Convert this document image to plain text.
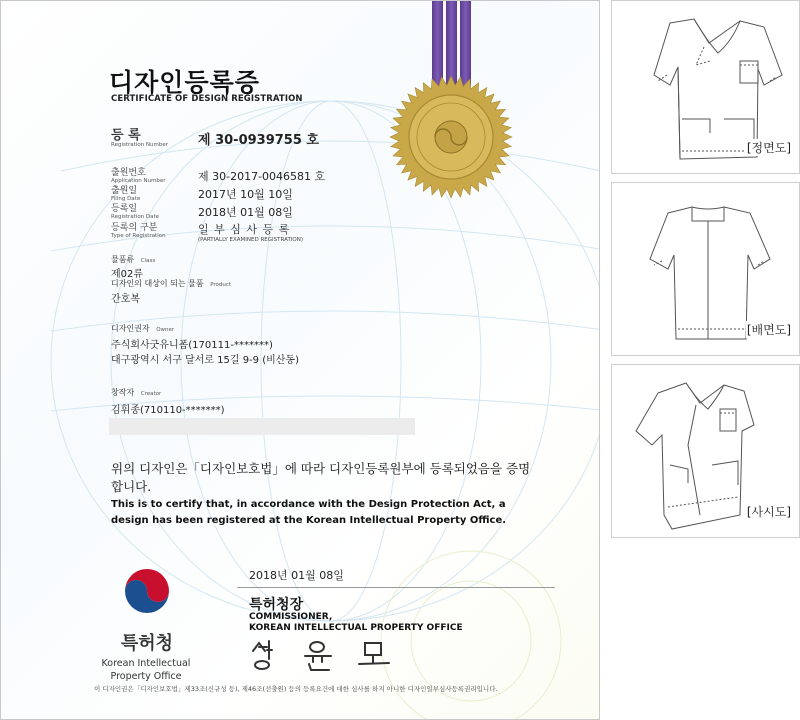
디자인등록증
CERTIFICATE OF DESIGN REGISTRATION
등 록
Registration Number 제 30-0939755 호
출원번호
Application Number	제 30-2017-0046581 호
출원일
Filing Date	2017년 10월 10일
등록일
Registration Date	2018년 01월 08일
등록의 구분
Type of Registration	일 부 심 사 등 록
(PARTIALLY EXAMINED REGISTRATION)
물품류 Class
제02류
디자인의 대상이 되는 물품 Product
간호복
디자인권자 Owner
주식회사굿유니폼(170111-*******)
대구광역시 서구 달서로 15길 9-9 (비산동)
창작자 Creator
김휘종(710110-*******)
위의 디자인은「디자인보호법」에 따라 디자인등록원부에 등록되었음을 증명합니다.
This is to certify that, in accordance with the Design Protection Act, a design has been registered at the Korean Intellectual Property Office.
특허청
Korean Intellectual
Property Office
2018년 01월 08일
특허청장
COMMISSIONER,
KOREAN INTELLECTUAL PROPERTY OFFICE
이 디자인권은「디자인보호법」제33조(신규성 등), 제46조(선출원) 등의 등록요건에 대한 심사를 하지 아니한 디자인일부심사등록권리입니다.
[정면도]
[배면도]
[사시도]
